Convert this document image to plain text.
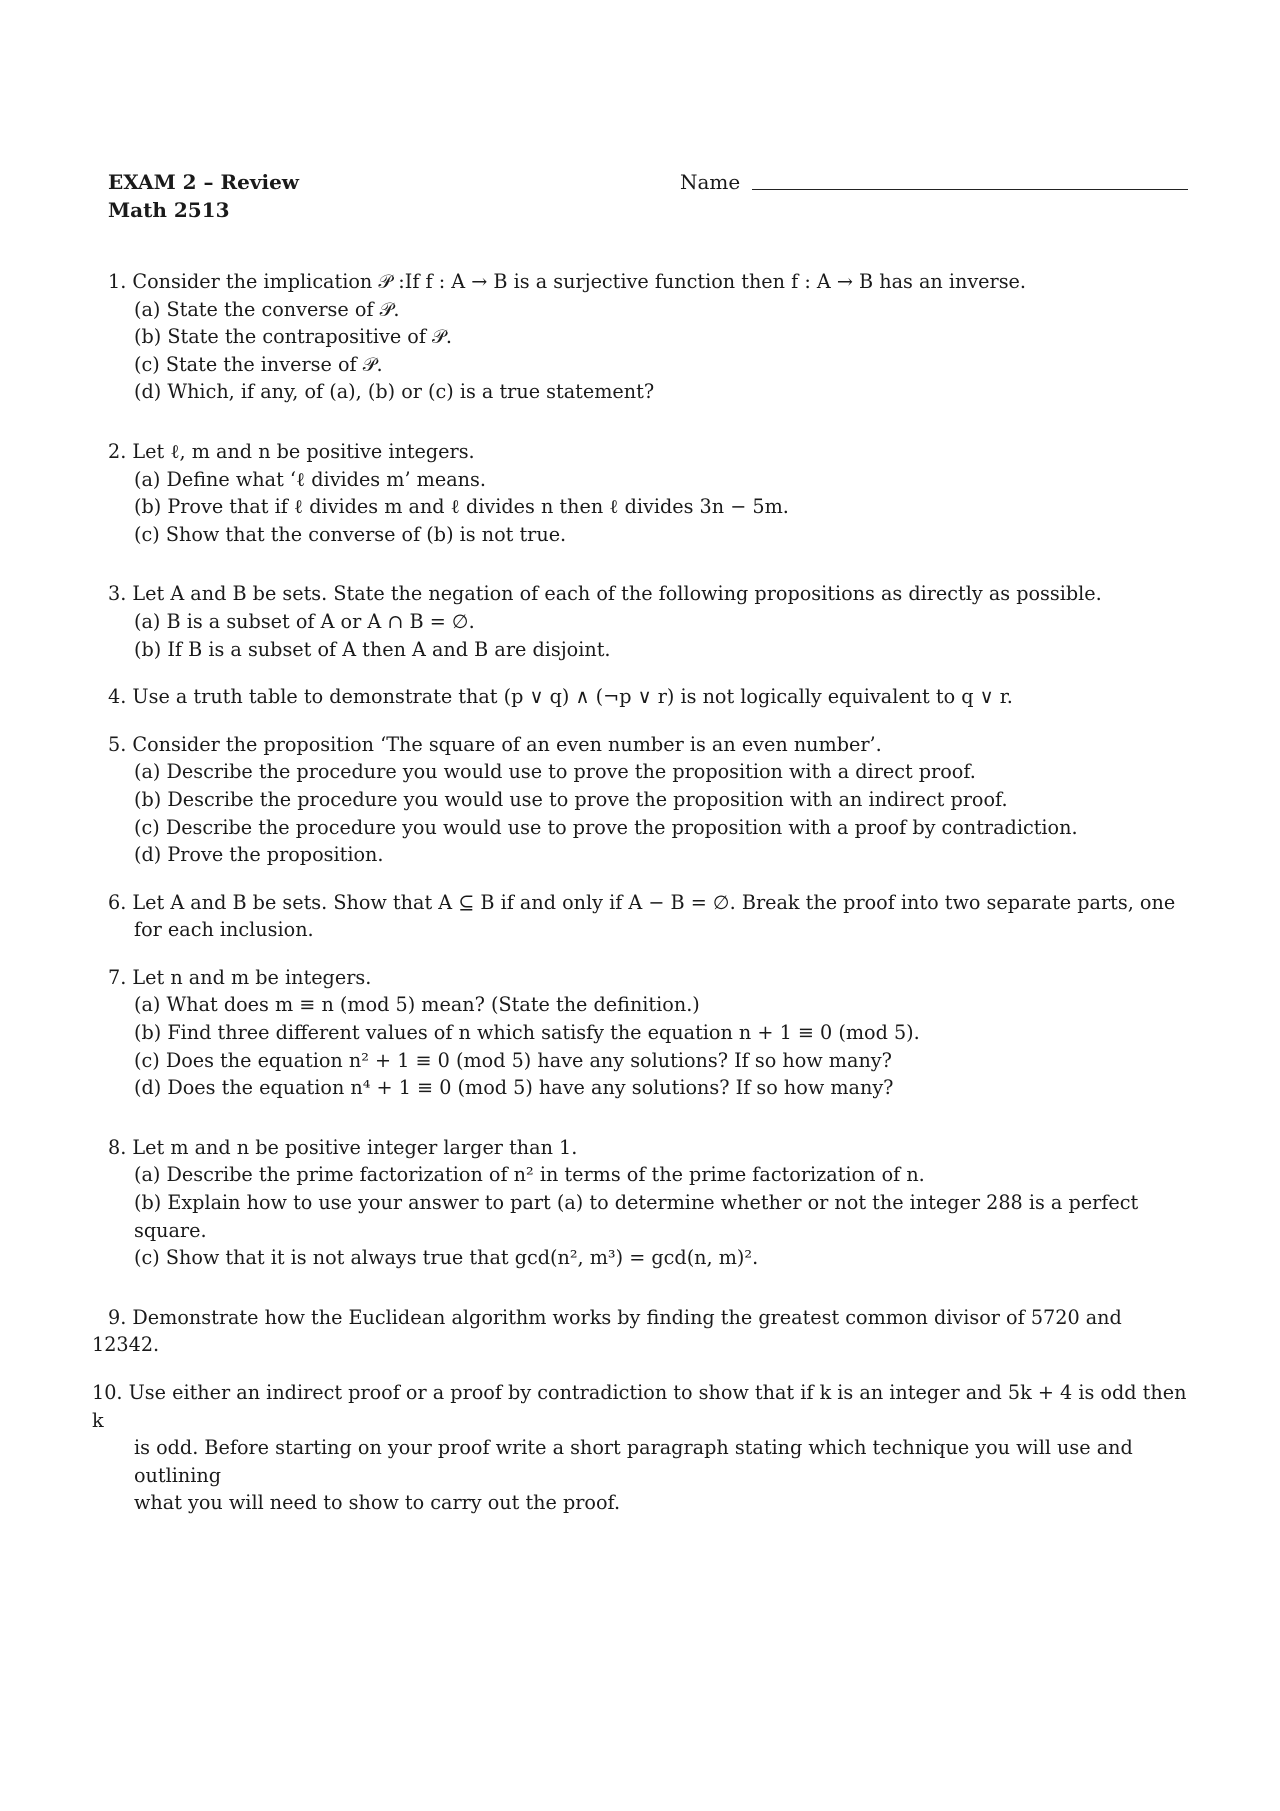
EXAM 2 – Review
Math 2513
Name
1. Consider the implication 𝒫 :If f : A → B is a surjective function then f : A → B has an inverse.
(a) State the converse of 𝒫.
(b) State the contrapositive of 𝒫.
(c) State the inverse of 𝒫.
(d) Which, if any, of (a), (b) or (c) is a true statement?
2. Let ℓ, m and n be positive integers.
(a) Define what ‘ℓ divides m’ means.
(b) Prove that if ℓ divides m and ℓ divides n then ℓ divides 3n − 5m.
(c) Show that the converse of (b) is not true.
3. Let A and B be sets. State the negation of each of the following propositions as directly as possible.
(a) B is a subset of A or A ∩ B = ∅.
(b) If B is a subset of A then A and B are disjoint.
4. Use a truth table to demonstrate that (p ∨ q) ∧ (¬p ∨ r) is not logically equivalent to q ∨ r.
5. Consider the proposition ‘The square of an even number is an even number’.
(a) Describe the procedure you would use to prove the proposition with a direct proof.
(b) Describe the procedure you would use to prove the proposition with an indirect proof.
(c) Describe the procedure you would use to prove the proposition with a proof by contradiction.
(d) Prove the proposition.
6. Let A and B be sets. Show that A ⊆ B if and only if A − B = ∅. Break the proof into two separate parts, one
for each inclusion.
7. Let n and m be integers.
(a) What does m ≡ n (mod 5) mean? (State the definition.)
(b) Find three different values of n which satisfy the equation n + 1 ≡ 0 (mod 5).
(c) Does the equation n² + 1 ≡ 0 (mod 5) have any solutions? If so how many?
(d) Does the equation n⁴ + 1 ≡ 0 (mod 5) have any solutions? If so how many?
8. Let m and n be positive integer larger than 1.
(a) Describe the prime factorization of n² in terms of the prime factorization of n.
(b) Explain how to use your answer to part (a) to determine whether or not the integer 288 is a perfect square.
(c) Show that it is not always true that gcd(n², m³) = gcd(n, m)².
9. Demonstrate how the Euclidean algorithm works by finding the greatest common divisor of 5720 and 12342.
10. Use either an indirect proof or a proof by contradiction to show that if k is an integer and 5k + 4 is odd then k
is odd. Before starting on your proof write a short paragraph stating which technique you will use and outlining
what you will need to show to carry out the proof.
